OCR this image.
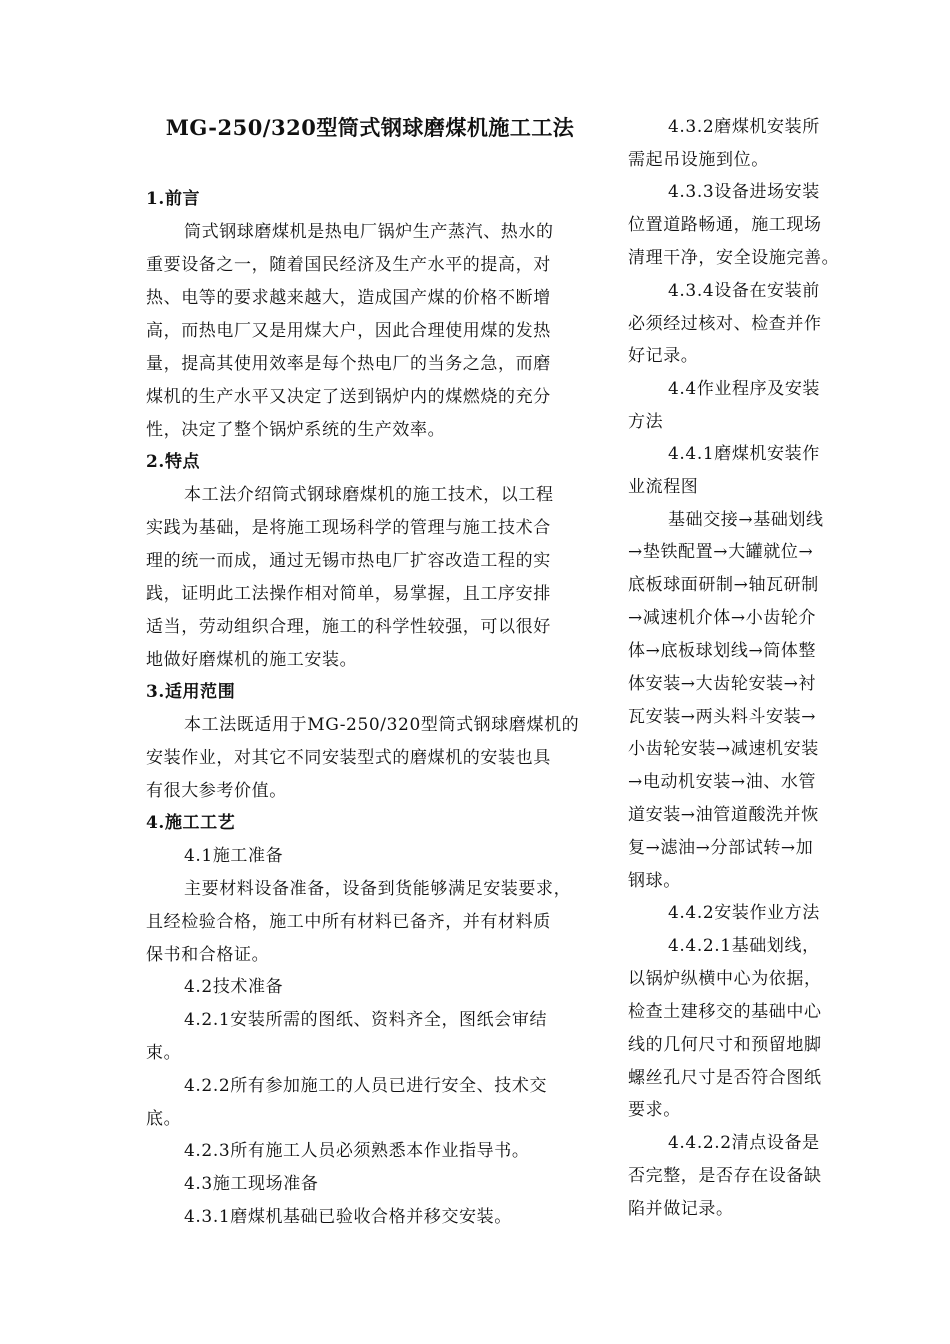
MG-250/320型筒式钢球磨煤机施工工法
1.前言
筒式钢球磨煤机是热电厂锅炉生产蒸汽、热水的
重要设备之一，随着国民经济及生产水平的提高，对
热、电等的要求越来越大，造成国产煤的价格不断增
高，而热电厂又是用煤大户，因此合理使用煤的发热
量，提高其使用效率是每个热电厂的当务之急，而磨
煤机的生产水平又决定了送到锅炉内的煤燃烧的充分
性，决定了整个锅炉系统的生产效率。
2.特点
本工法介绍筒式钢球磨煤机的施工技术，以工程
实践为基础，是将施工现场科学的管理与施工技术合
理的统一而成，通过无锡市热电厂扩容改造工程的实
践，证明此工法操作相对简单，易掌握，且工序安排
适当，劳动组织合理，施工的科学性较强，可以很好
地做好磨煤机的施工安装。
3.适用范围
本工法既适用于MG-250/320型筒式钢球磨煤机的
安装作业，对其它不同安装型式的磨煤机的安装也具
有很大参考价值。
4.施工工艺
4.1施工准备
主要材料设备准备，设备到货能够满足安装要求，
且经检验合格，施工中所有材料已备齐，并有材料质
保书和合格证。
4.2技术准备
4.2.1安装所需的图纸、资料齐全，图纸会审结
束。
4.2.2所有参加施工的人员已进行安全、技术交
底。
4.2.3所有施工人员必须熟悉本作业指导书。
4.3施工现场准备
4.3.1磨煤机基础已验收合格并移交安装。
4.3.2磨煤机安装所
需起吊设施到位。
4.3.3设备进场安装
位置道路畅通，施工现场
清理干净，安全设施完善。
4.3.4设备在安装前
必须经过核对、检查并作
好记录。
4.4作业程序及安装
方法
4.4.1磨煤机安装作
业流程图
基础交接→基础划线
→垫铁配置→大罐就位→
底板球面研制→轴瓦研制
→减速机介体→小齿轮介
体→底板球划线→筒体整
体安装→大齿轮安装→衬
瓦安装→两头料斗安装→
小齿轮安装→减速机安装
→电动机安装→油、水管
道安装→油管道酸洗并恢
复→滤油→分部试转→加
钢球。
4.4.2安装作业方法
4.4.2.1基础划线，
以锅炉纵横中心为依据，
检查土建移交的基础中心
线的几何尺寸和预留地脚
螺丝孔尺寸是否符合图纸
要求。
4.4.2.2清点设备是
否完整，是否存在设备缺
陷并做记录。
